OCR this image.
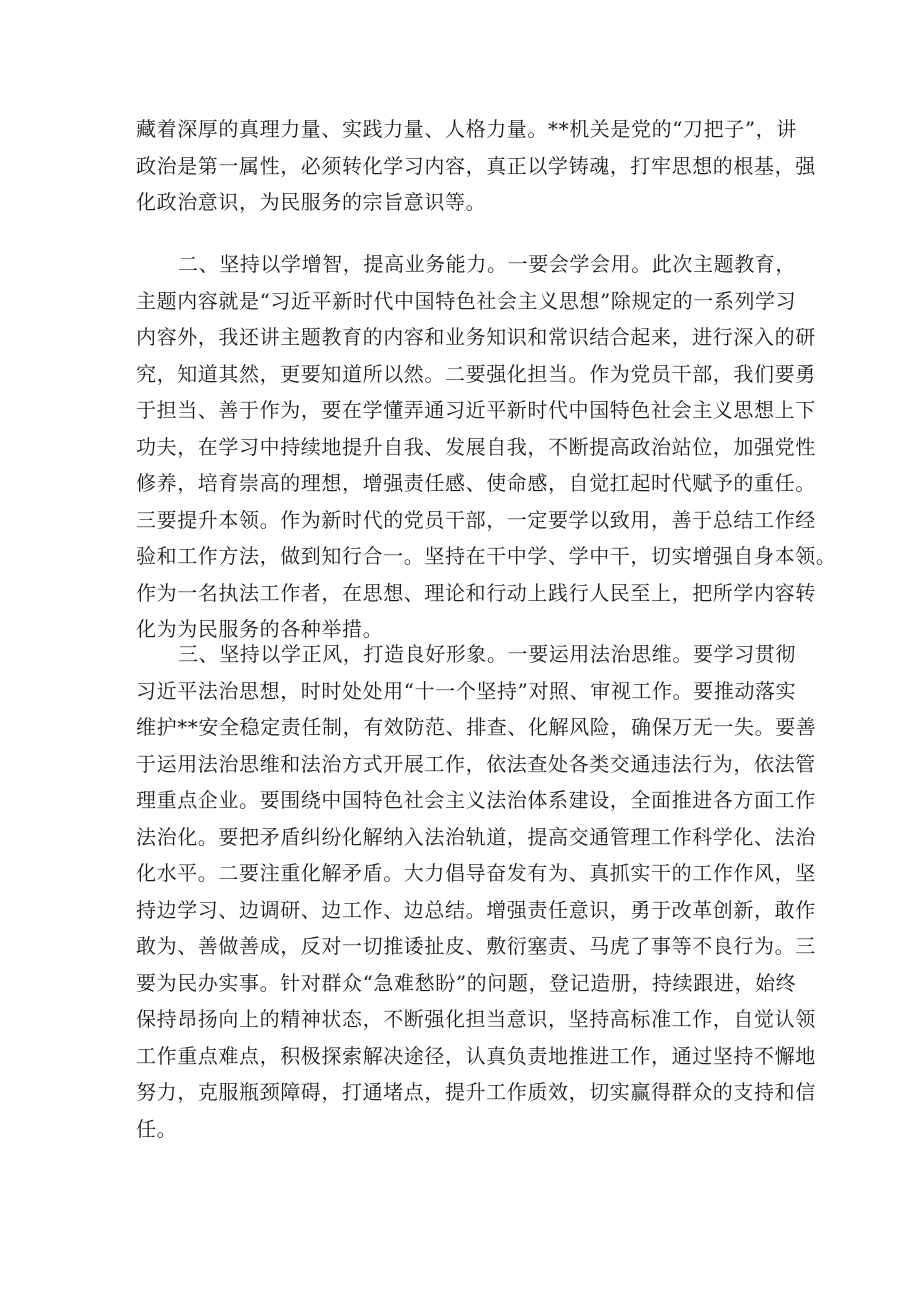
藏着深厚的真理力量、实践力量、人格力量。**机关是党的“刀把子”，讲
政治是第一属性，必须转化学习内容，真正以学铸魂，打牢思想的根基，强
化政治意识，为民服务的宗旨意识等。
二、坚持以学增智，提高业务能力。一要会学会用。此次主题教育，
主题内容就是“习近平新时代中国特色社会主义思想”除规定的一系列学习
内容外，我还讲主题教育的内容和业务知识和常识结合起来，进行深入的研
究，知道其然，更要知道所以然。二要强化担当。作为党员干部，我们要勇
于担当、善于作为，要在学懂弄通习近平新时代中国特色社会主义思想上下
功夫，在学习中持续地提升自我、发展自我，不断提高政治站位，加强党性
修养，培育崇高的理想，增强责任感、使命感，自觉扛起时代赋予的重任。
三要提升本领。作为新时代的党员干部，一定要学以致用，善于总结工作经
验和工作方法，做到知行合一。坚持在干中学、学中干，切实增强自身本领。
作为一名执法工作者，在思想、理论和行动上践行人民至上，把所学内容转
化为为民服务的各种举措。
三、坚持以学正风，打造良好形象。一要运用法治思维。要学习贯彻
习近平法治思想，时时处处用“十一个坚持”对照、审视工作。要推动落实
维护**安全稳定责任制，有效防范、排查、化解风险，确保万无一失。要善
于运用法治思维和法治方式开展工作，依法查处各类交通违法行为，依法管
理重点企业。要围绕中国特色社会主义法治体系建设，全面推进各方面工作
法治化。要把矛盾纠纷化解纳入法治轨道，提高交通管理工作科学化、法治
化水平。二要注重化解矛盾。大力倡导奋发有为、真抓实干的工作作风，坚
持边学习、边调研、边工作、边总结。增强责任意识，勇于改革创新，敢作
敢为、善做善成，反对一切推诿扯皮、敷衍塞责、马虎了事等不良行为。三
要为民办实事。针对群众“急难愁盼”的问题，登记造册，持续跟进，始终
保持昂扬向上的精神状态，不断强化担当意识，坚持高标准工作，自觉认领
工作重点难点，积极探索解决途径，认真负责地推进工作，通过坚持不懈地
努力，克服瓶颈障碍，打通堵点，提升工作质效，切实赢得群众的支持和信
任。
